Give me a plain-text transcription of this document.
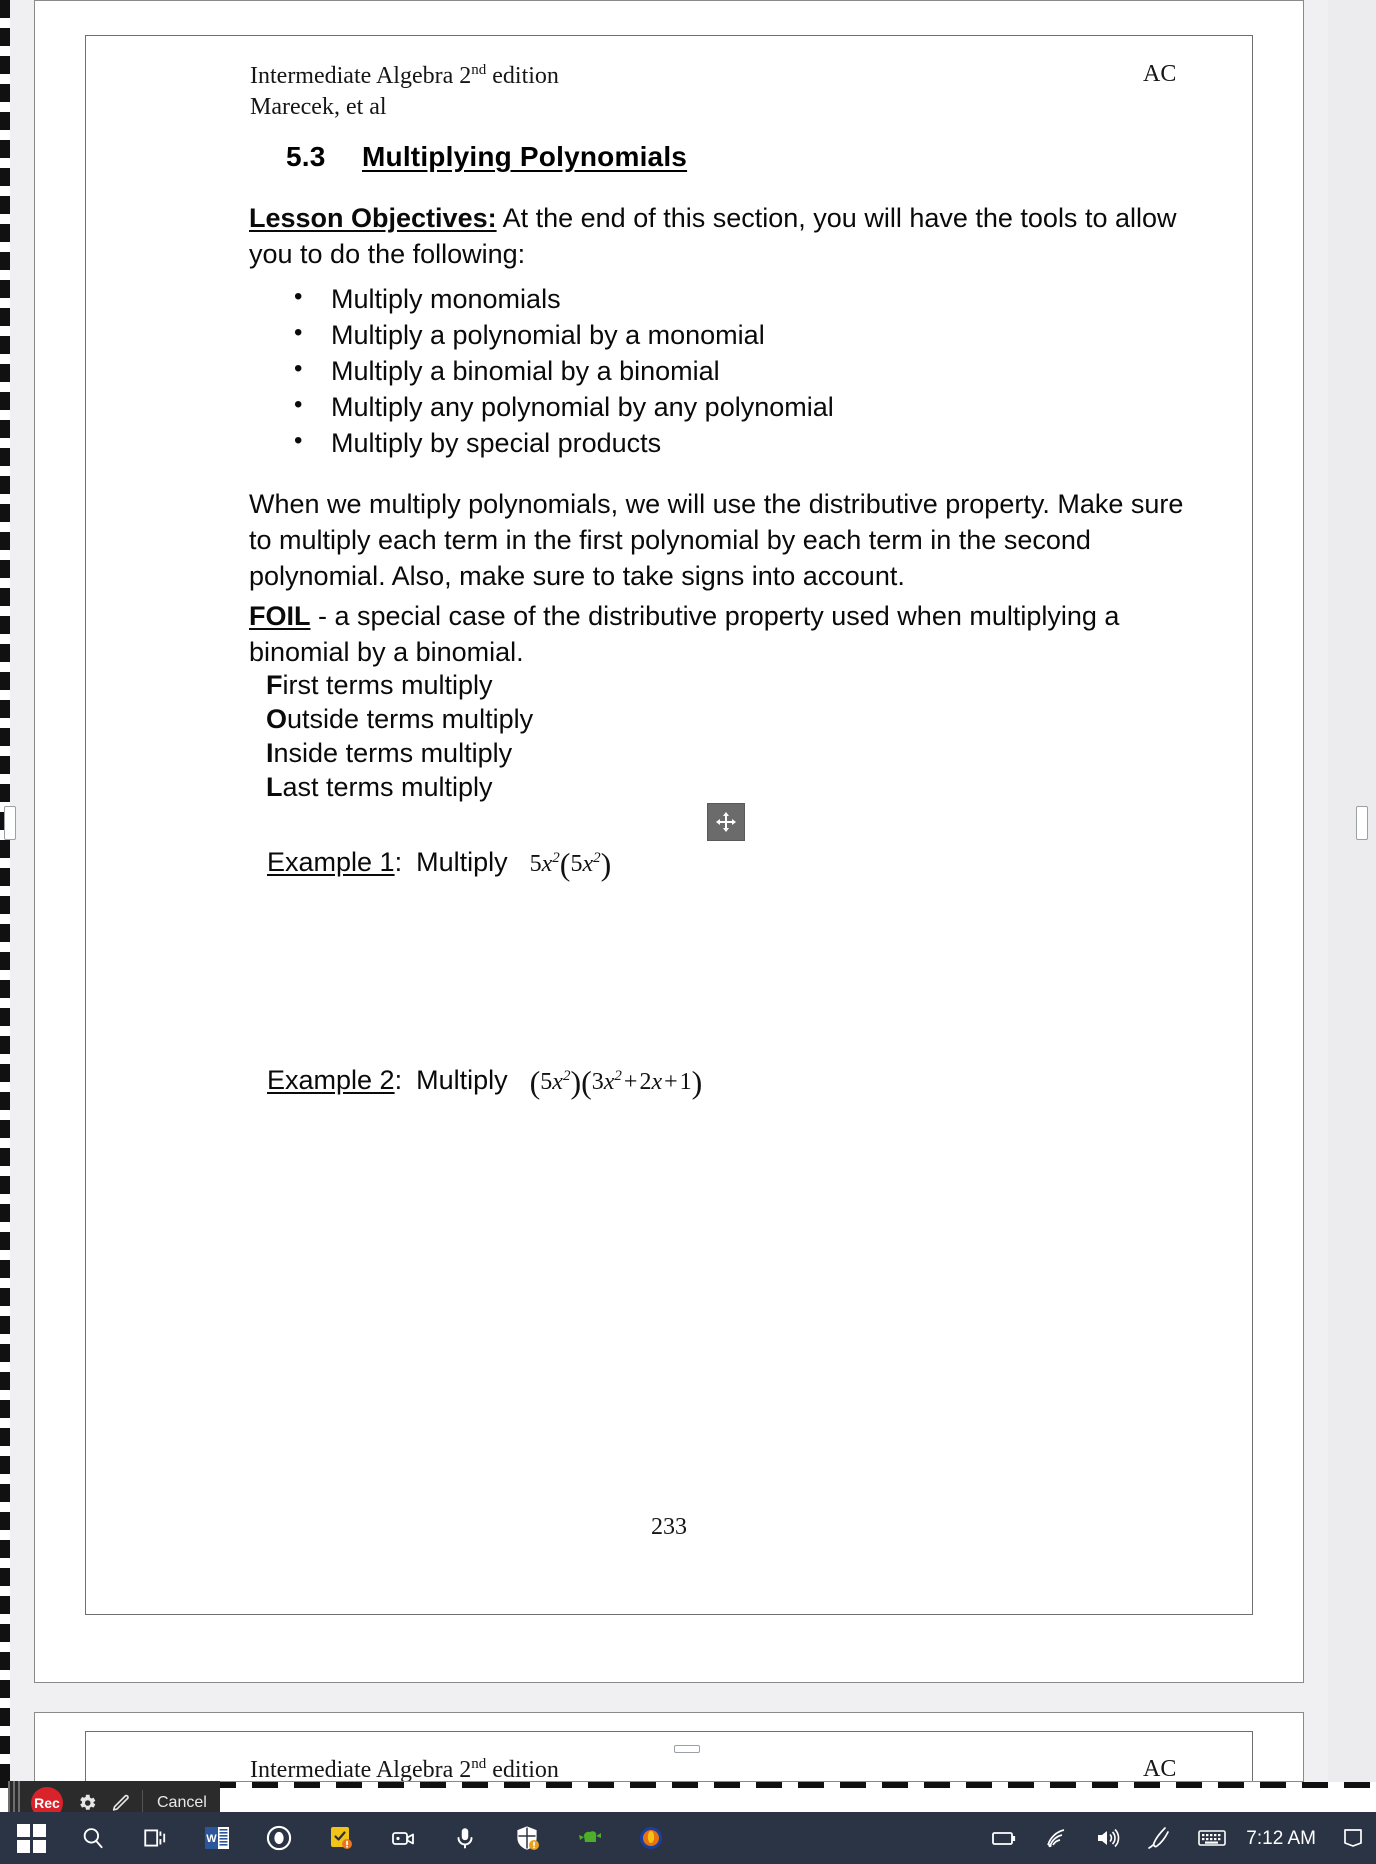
Intermediate Algebra 2nd edition
Marecek, et al
AC
5.3 Multiplying Polynomials
Lesson Objectives: At the end of this section, you will have the tools to allow you to do the following:
• Multiply monomials
• Multiply a polynomial by a monomial
• Multiply a binomial by a binomial
• Multiply any polynomial by any polynomial
• Multiply by special products
When we multiply polynomials, we will use the distributive property. Make sure to multiply each term in the first polynomial by each term in the second polynomial. Also, make sure to take signs into account.
FOIL - a special case of the distributive property used when multiplying a binomial by a binomial.
First terms multiply
Outside terms multiply
Inside terms multiply
Last terms multiply
Example 1: Multiply $5x^2(5x^2)$
Example 2: Multiply $(5x^2)(3x^2+2x+1)$
233
Intermediate Algebra 2nd edition	AC
Rec	Cancel
W	7:12 AM
